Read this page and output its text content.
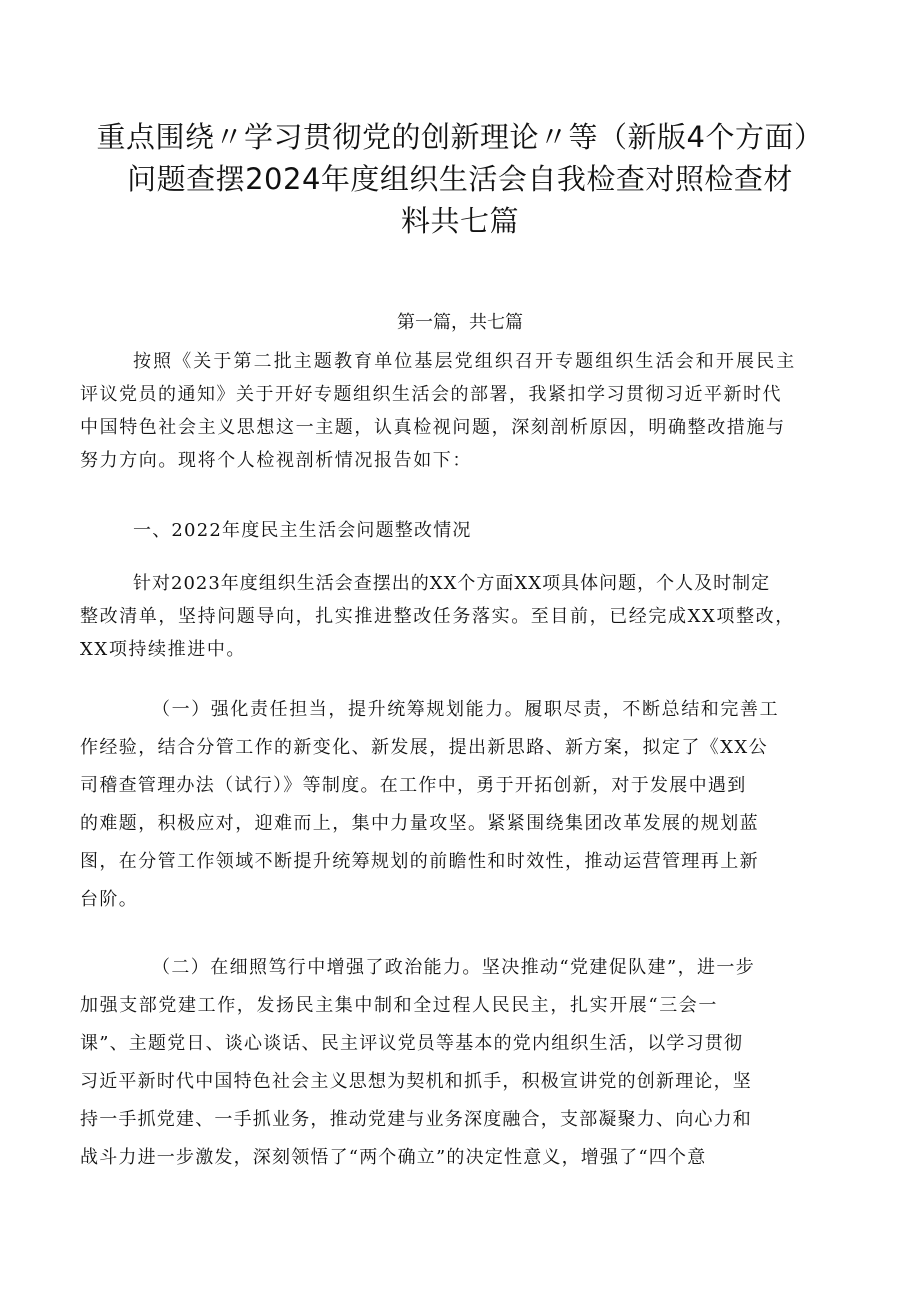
重点围绕〃学习贯彻党的创新理论〃等（新版4个方面）
问题查摆2024年度组织生活会自我检查对照检查材
料共七篇
第一篇，共七篇
按照《关于第二批主题教育单位基层党组织召开专题组织生活会和开展民主
评议党员的通知》关于开好专题组织生活会的部署，我紧扣学习贯彻习近平新时代
中国特色社会主义思想这一主题，认真检视问题，深刻剖析原因，明确整改措施与
努力方向。现将个人检视剖析情况报告如下：
一、2022年度民主生活会问题整改情况
针对2023年度组织生活会查摆出的XX个方面XX项具体问题，个人及时制定
整改清单，坚持问题导向，扎实推进整改任务落实。至目前，已经完成XX项整改，
XX项持续推进中。
（一）强化责任担当，提升统筹规划能力。履职尽责，不断总结和完善工
作经验，结合分管工作的新变化、新发展，提出新思路、新方案，拟定了《XX公
司稽查管理办法（试行）》等制度。在工作中，勇于开拓创新，对于发展中遇到
的难题，积极应对，迎难而上，集中力量攻坚。紧紧围绕集团改革发展的规划蓝
图，在分管工作领域不断提升统筹规划的前瞻性和时效性，推动运营管理再上新
台阶。
（二）在细照笃行中增强了政治能力。坚决推动“党建促队建”，进一步
加强支部党建工作，发扬民主集中制和全过程人民民主，扎实开展“三会一
课”、主题党日、谈心谈话、民主评议党员等基本的党内组织生活，以学习贯彻
习近平新时代中国特色社会主义思想为契机和抓手，积极宣讲党的创新理论，坚
持一手抓党建、一手抓业务，推动党建与业务深度融合，支部凝聚力、向心力和
战斗力进一步激发，深刻领悟了“两个确立”的决定性意义，增强了“四个意
